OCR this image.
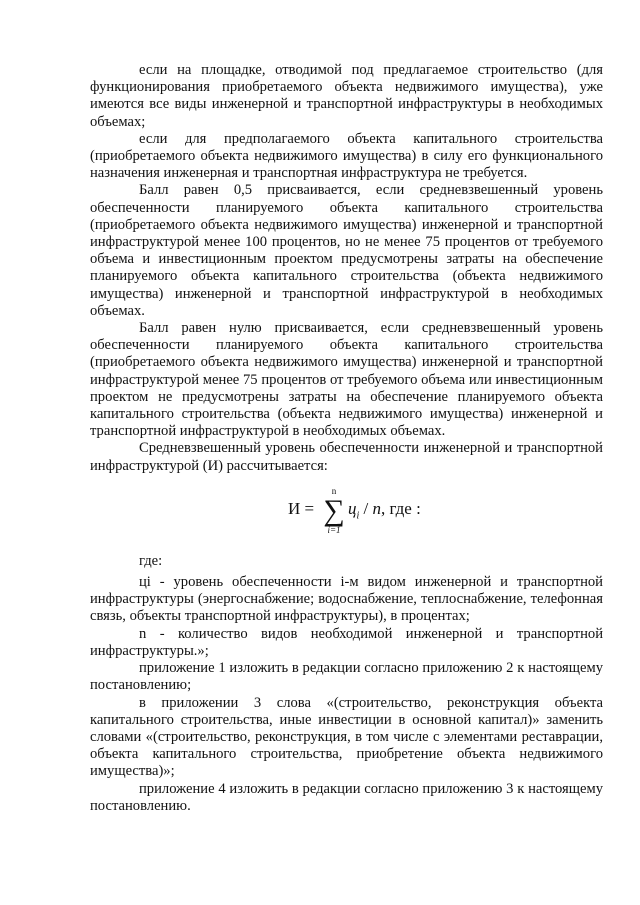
если на площадке, отводимой под предлагаемое строительство (для функционирования приобретаемого объекта недвижимого имущества), уже имеются все виды инженерной и транспортной инфраструктуры в необходимых объемах;

если для предполагаемого объекта капитального строительства (приобретаемого объекта недвижимого имущества) в силу его функционального назначения инженерная и транспортная инфраструктура не требуется.

Балл равен 0,5 присваивается, если средневзвешенный уровень обеспеченности планируемого объекта капитального строительства (приобретаемого объекта недвижимого имущества) инженерной и транспортной инфраструктурой менее 100 процентов, но не менее 75 процентов от требуемого объема и инвестиционным проектом предусмотрены затраты на обеспечение планируемого объекта капитального строительства (объекта недвижимого имущества) инженерной и транспортной инфраструктурой в необходимых объемах.

Балл равен нулю присваивается, если средневзвешенный уровень обеспеченности планируемого объекта капитального строительства (приобретаемого объекта недвижимого имущества) инженерной и транспортной инфраструктурой менее 75 процентов от требуемого объема или инвестиционным проектом не предусмотрены затраты на обеспечение планируемого объекта капитального строительства (объекта недвижимого имущества) инженерной и транспортной инфраструктурой в необходимых объемах.

Средневзвешенный уровень обеспеченности инженерной и транспортной инфраструктурой (И) рассчитывается:

И =
n
∑
i=1
$ц_i$ / n, где :

где:

цi - уровень обеспеченности i-м видом инженерной и транспортной инфраструктуры (энергоснабжение; водоснабжение, теплоснабжение, телефонная связь, объекты транспортной инфраструктуры), в процентах;

n - количество видов необходимой инженерной и транспортной инфраструктуры.»;

приложение 1 изложить в редакции согласно приложению 2 к настоящему постановлению;

в приложении 3 слова «(строительство, реконструкция объекта капитального строительства, иные инвестиции в основной капитал)» заменить словами «(строительство, реконструкция, в том числе с элементами реставрации, объекта капитального строительства, приобретение объекта недвижимого имущества)»;

приложение 4 изложить в редакции согласно приложению 3 к настоящему постановлению.
